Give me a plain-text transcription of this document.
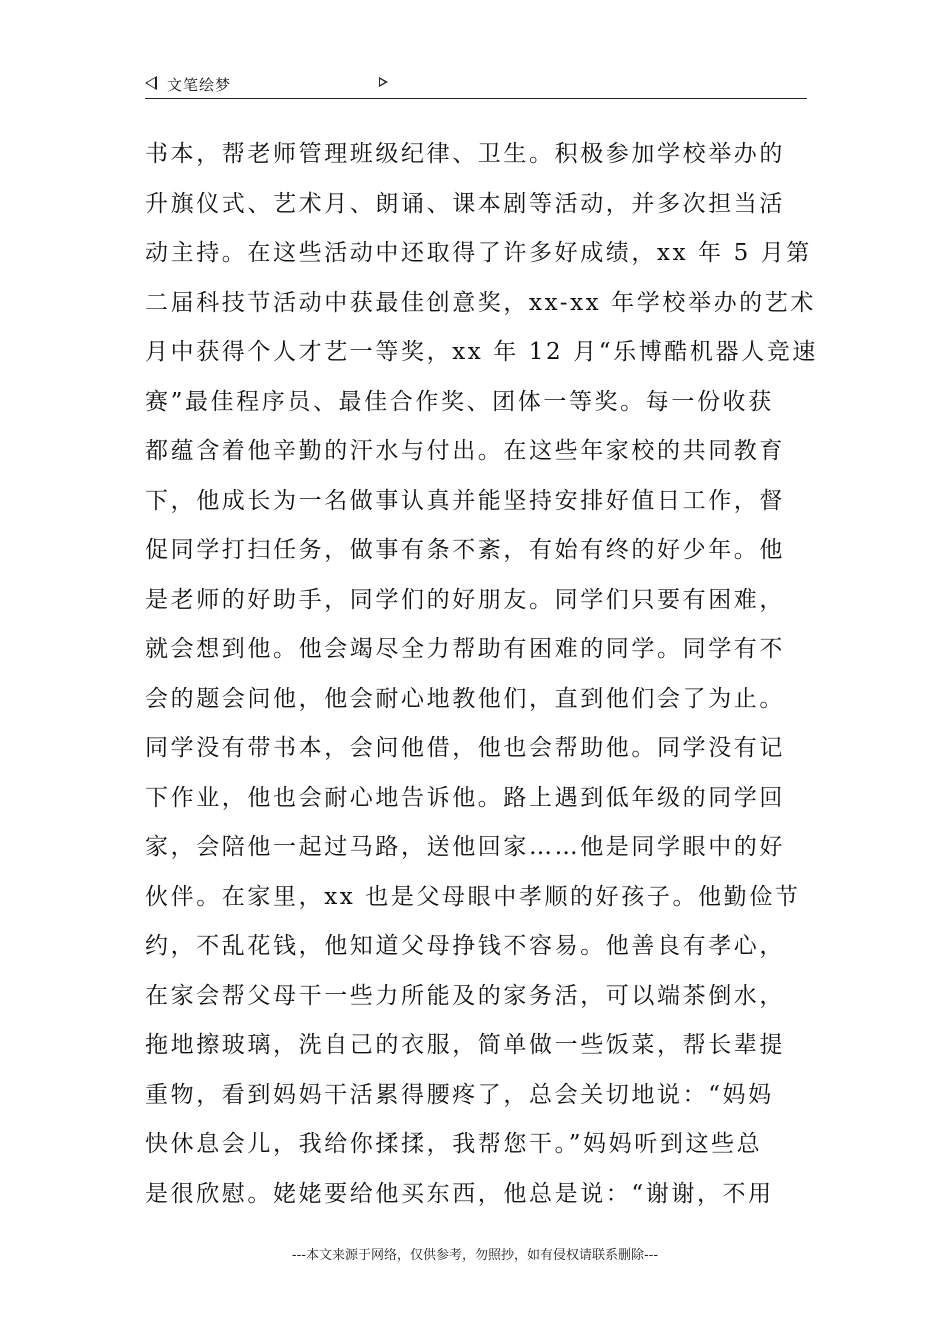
文笔绘梦
书本，帮老师管理班级纪律、卫生。积极参加学校举办的
升旗仪式、艺术月、朗诵、课本剧等活动，并多次担当活
动主持。在这些活动中还取得了许多好成绩，xx 年 5 月第
二届科技节活动中获最佳创意奖，xx-xx 年学校举办的艺术
月中获得个人才艺一等奖，xx 年 12 月“乐博酷机器人竞速
赛”最佳程序员、最佳合作奖、团体一等奖。每一份收获
都蕴含着他辛勤的汗水与付出。在这些年家校的共同教育
下，他成长为一名做事认真并能坚持安排好值日工作，督
促同学打扫任务，做事有条不紊，有始有终的好少年。他
是老师的好助手，同学们的好朋友。同学们只要有困难，
就会想到他。他会竭尽全力帮助有困难的同学。同学有不
会的题会问他，他会耐心地教他们，直到他们会了为止。
同学没有带书本，会问他借，他也会帮助他。同学没有记
下作业，他也会耐心地告诉他。路上遇到低年级的同学回
家，会陪他一起过马路，送他回家……他是同学眼中的好
伙伴。在家里，xx 也是父母眼中孝顺的好孩子。他勤俭节
约，不乱花钱，他知道父母挣钱不容易。他善良有孝心，
在家会帮父母干一些力所能及的家务活，可以端茶倒水，
拖地擦玻璃，洗自己的衣服，简单做一些饭菜，帮长辈提
重物，看到妈妈干活累得腰疼了，总会关切地说：“妈妈
快休息会儿，我给你揉揉，我帮您干。”妈妈听到这些总
是很欣慰。姥姥要给他买东西，他总是说：“谢谢，不用
---本文来源于网络，仅供参考，勿照抄，如有侵权请联系删除---
